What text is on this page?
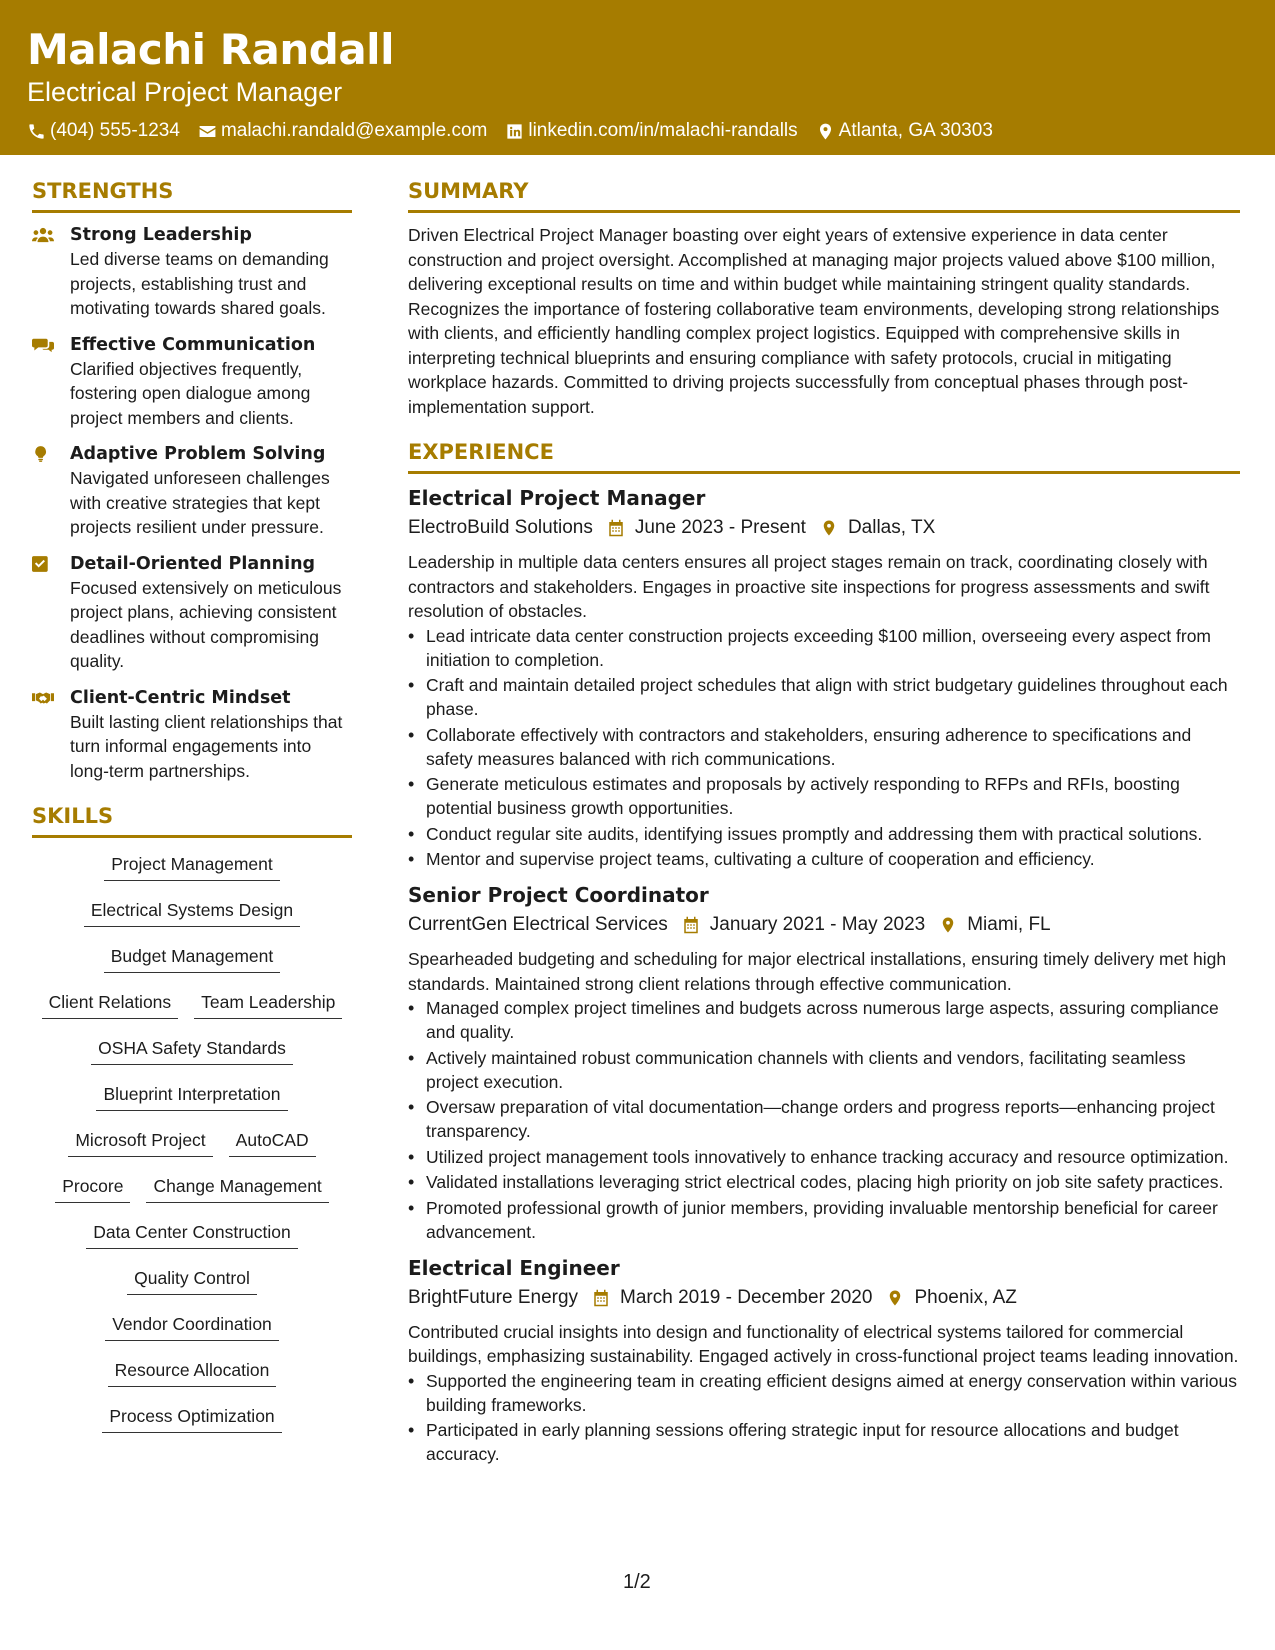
Malachi Randall
Electrical Project Manager
(404) 555-1234 malachi.randald@example.com linkedin.com/in/malachi-randalls Atlanta, GA 30303
STRENGTHS
Strong Leadership
Led diverse teams on demanding projects, establishing trust and motivating towards shared goals.
Effective Communication
Clarified objectives frequently, fostering open dialogue among project members and clients.
Adaptive Problem Solving
Navigated unforeseen challenges with creative strategies that kept projects resilient under pressure.
Detail-Oriented Planning
Focused extensively on meticulous project plans, achieving consistent deadlines without compromising quality.
Client-Centric Mindset
Built lasting client relationships that turn informal engagements into long-term partnerships.
SKILLS
Project Management
Electrical Systems Design
Budget Management
Client Relations	Team Leadership
OSHA Safety Standards
Blueprint Interpretation
Microsoft Project	AutoCAD
Procore	Change Management
Data Center Construction
Quality Control
Vendor Coordination
Resource Allocation
Process Optimization
SUMMARY
Driven Electrical Project Manager boasting over eight years of extensive experience in data center construction and project oversight. Accomplished at managing major projects valued above $100 million, delivering exceptional results on time and within budget while maintaining stringent quality standards. Recognizes the importance of fostering collaborative team environments, developing strong relationships with clients, and efficiently handling complex project logistics. Equipped with comprehensive skills in interpreting technical blueprints and ensuring compliance with safety protocols, crucial in mitigating workplace hazards. Committed to driving projects successfully from conceptual phases through post-implementation support.
EXPERIENCE
Electrical Project Manager
ElectroBuild Solutions June 2023 - Present Dallas, TX
Leadership in multiple data centers ensures all project stages remain on track, coordinating closely with contractors and stakeholders. Engages in proactive site inspections for progress assessments and swift resolution of obstacles.
• Lead intricate data center construction projects exceeding $100 million, overseeing every aspect from initiation to completion.
• Craft and maintain detailed project schedules that align with strict budgetary guidelines throughout each phase.
• Collaborate effectively with contractors and stakeholders, ensuring adherence to specifications and safety measures balanced with rich communications.
• Generate meticulous estimates and proposals by actively responding to RFPs and RFIs, boosting potential business growth opportunities.
• Conduct regular site audits, identifying issues promptly and addressing them with practical solutions.
• Mentor and supervise project teams, cultivating a culture of cooperation and efficiency.
Senior Project Coordinator
CurrentGen Electrical Services January 2021 - May 2023 Miami, FL
Spearheaded budgeting and scheduling for major electrical installations, ensuring timely delivery met high standards. Maintained strong client relations through effective communication.
• Managed complex project timelines and budgets across numerous large aspects, assuring compliance and quality.
• Actively maintained robust communication channels with clients and vendors, facilitating seamless project execution.
• Oversaw preparation of vital documentation—change orders and progress reports—enhancing project transparency.
• Utilized project management tools innovatively to enhance tracking accuracy and resource optimization.
• Validated installations leveraging strict electrical codes, placing high priority on job site safety practices.
• Promoted professional growth of junior members, providing invaluable mentorship beneficial for career advancement.
Electrical Engineer
BrightFuture Energy March 2019 - December 2020 Phoenix, AZ
Contributed crucial insights into design and functionality of electrical systems tailored for commercial buildings, emphasizing sustainability. Engaged actively in cross-functional project teams leading innovation.
• Supported the engineering team in creating efficient designs aimed at energy conservation within various building frameworks.
• Participated in early planning sessions offering strategic input for resource allocations and budget accuracy.
1/2
